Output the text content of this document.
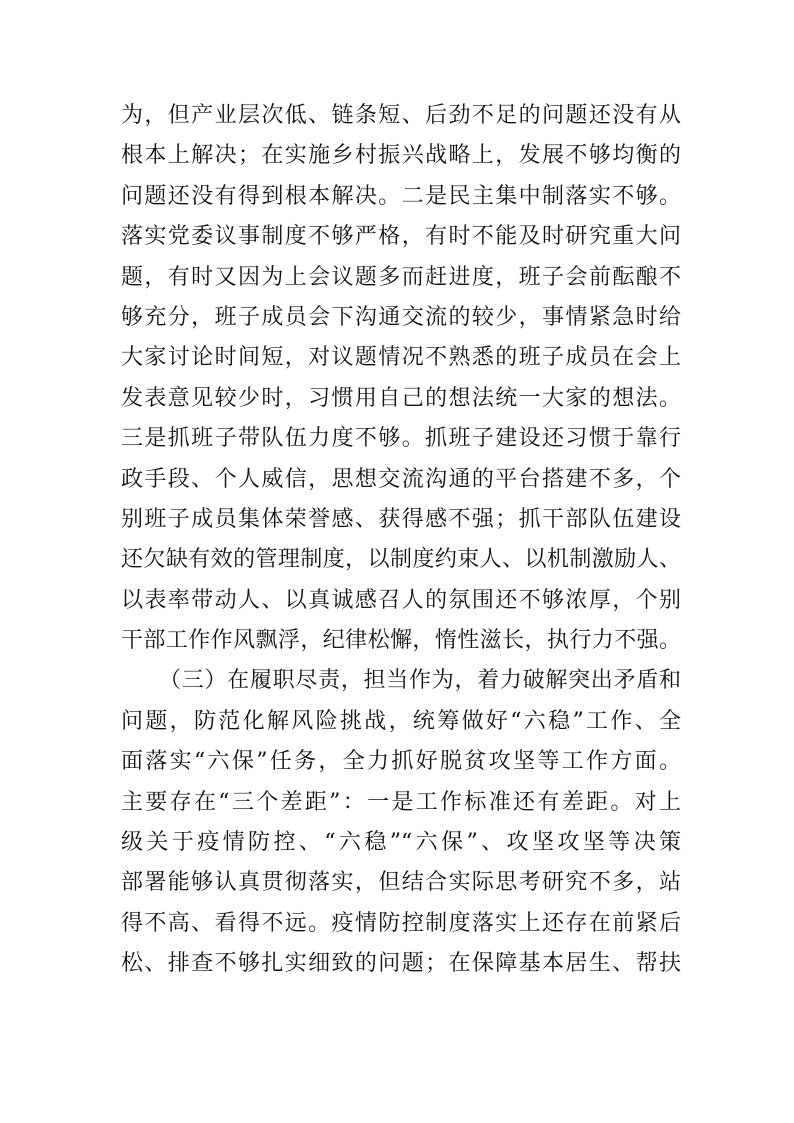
为，但产业层次低、链条短、后劲不足的问题还没有从
根本上解决；在实施乡村振兴战略上，发展不够均衡的
问题还没有得到根本解决。二是民主集中制落实不够。
落实党委议事制度不够严格，有时不能及时研究重大问
题，有时又因为上会议题多而赶进度，班子会前酝酿不
够充分，班子成员会下沟通交流的较少，事情紧急时给
大家讨论时间短，对议题情况不熟悉的班子成员在会上
发表意见较少时，习惯用自己的想法统一大家的想法。
三是抓班子带队伍力度不够。抓班子建设还习惯于靠行
政手段、个人威信，思想交流沟通的平台搭建不多，个
别班子成员集体荣誉感、获得感不强；抓干部队伍建设
还欠缺有效的管理制度，以制度约束人、以机制激励人、
以表率带动人、以真诚感召人的氛围还不够浓厚，个别
干部工作作风飘浮，纪律松懈，惰性滋长，执行力不强。
（三）在履职尽责，担当作为，着力破解突出矛盾和
问题，防范化解风险挑战，统筹做好“六稳”工作、全
面落实“六保”任务，全力抓好脱贫攻坚等工作方面。
主要存在“三个差距”：一是工作标准还有差距。对上
级关于疫情防控、“六稳”“六保”、攻坚攻坚等决策
部署能够认真贯彻落实，但结合实际思考研究不多，站
得不高、看得不远。疫情防控制度落实上还存在前紧后
松、排查不够扎实细致的问题；在保障基本居生、帮扶
